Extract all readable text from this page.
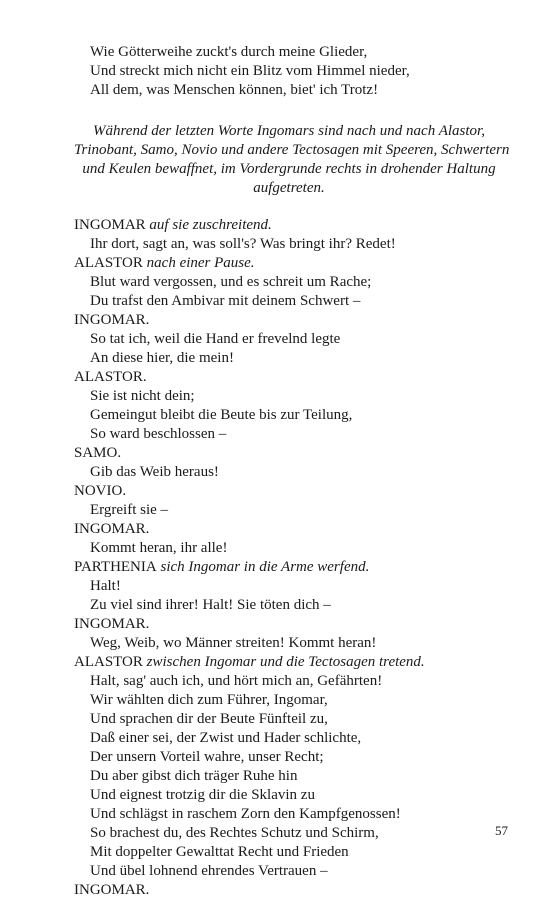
Wie Götterweihe zuckt's durch meine Glieder,
Und streckt mich nicht ein Blitz vom Himmel nieder,
All dem, was Menschen können, biet' ich Trotz!
Während der letzten Worte Ingomars sind nach und nach Alastor,
Trinobant, Samo, Novio und andere Tectosagen mit Speeren, Schwertern
und Keulen bewaffnet, im Vordergrunde rechts in drohender Haltung
aufgetreten.
INGOMAR auf sie zuschreitend.
Ihr dort, sagt an, was soll's? Was bringt ihr? Redet!
ALASTOR nach einer Pause.
Blut ward vergossen, und es schreit um Rache;
Du trafst den Ambivar mit deinem Schwert –
INGOMAR.
So tat ich, weil die Hand er frevelnd legte
An diese hier, die mein!
ALASTOR.
Sie ist nicht dein;
Gemeingut bleibt die Beute bis zur Teilung,
So ward beschlossen –
SAMO.
Gib das Weib heraus!
NOVIO.
Ergreift sie –
INGOMAR.
Kommt heran, ihr alle!
PARTHENIA sich Ingomar in die Arme werfend.
Halt!
Zu viel sind ihrer! Halt! Sie töten dich –
INGOMAR.
Weg, Weib, wo Männer streiten! Kommt heran!
ALASTOR zwischen Ingomar und die Tectosagen tretend.
Halt, sag' auch ich, und hört mich an, Gefährten!
Wir wählten dich zum Führer, Ingomar,
Und sprachen dir der Beute Fünfteil zu,
Daß einer sei, der Zwist und Hader schlichte,
Der unsern Vorteil wahre, unser Recht;
Du aber gibst dich träger Ruhe hin
Und eignest trotzig dir die Sklavin zu
Und schlägst in raschem Zorn den Kampfgenossen!
So brachest du, des Rechtes Schutz und Schirm,
Mit doppelter Gewalttat Recht und Frieden
Und übel lohnend ehrendes Vertrauen –
INGOMAR.
57
